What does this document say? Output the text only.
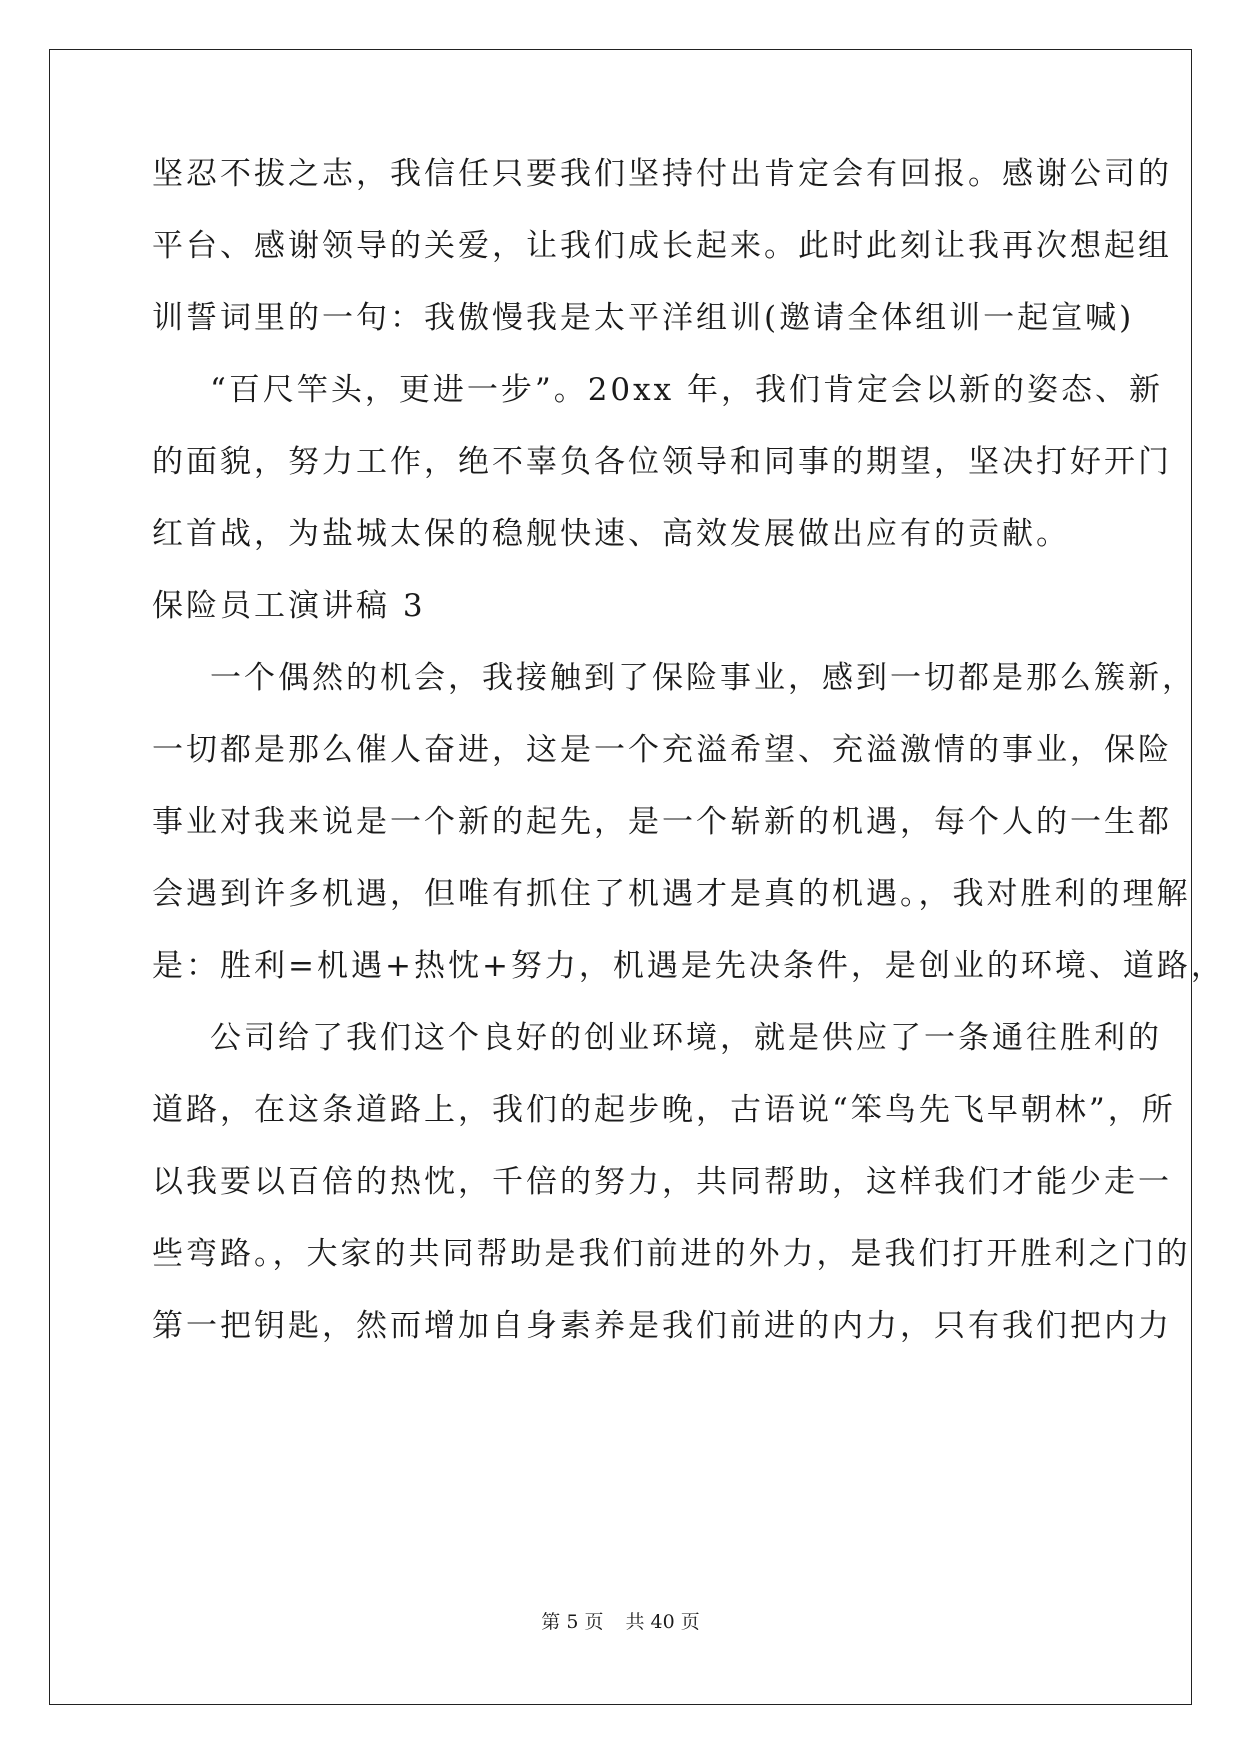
坚忍不拔之志，我信任只要我们坚持付出肯定会有回报。感谢公司的
平台、感谢领导的关爱，让我们成长起来。此时此刻让我再次想起组
训誓词里的一句：我傲慢我是太平洋组训(邀请全体组训一起宣喊)
“百尺竿头，更进一步”。20xx 年，我们肯定会以新的姿态、新
的面貌，努力工作，绝不辜负各位领导和同事的期望，坚决打好开门
红首战，为盐城太保的稳舰快速、高效发展做出应有的贡献。
保险员工演讲稿 3
一个偶然的机会，我接触到了保险事业，感到一切都是那么簇新，
一切都是那么催人奋进，这是一个充溢希望、充溢激情的事业，保险
事业对我来说是一个新的起先，是一个崭新的机遇，每个人的一生都
会遇到许多机遇，但唯有抓住了机遇才是真的机遇。，我对胜利的理解
是：胜利=机遇+热忱+努力，机遇是先决条件，是创业的环境、道路，
公司给了我们这个良好的创业环境，就是供应了一条通往胜利的
道路，在这条道路上，我们的起步晚，古语说“笨鸟先飞早朝林”，所
以我要以百倍的热忱，千倍的努力，共同帮助，这样我们才能少走一
些弯路。，大家的共同帮助是我们前进的外力，是我们打开胜利之门的
第一把钥匙，然而增加自身素养是我们前进的内力，只有我们把内力
第 5 页 共 40 页
